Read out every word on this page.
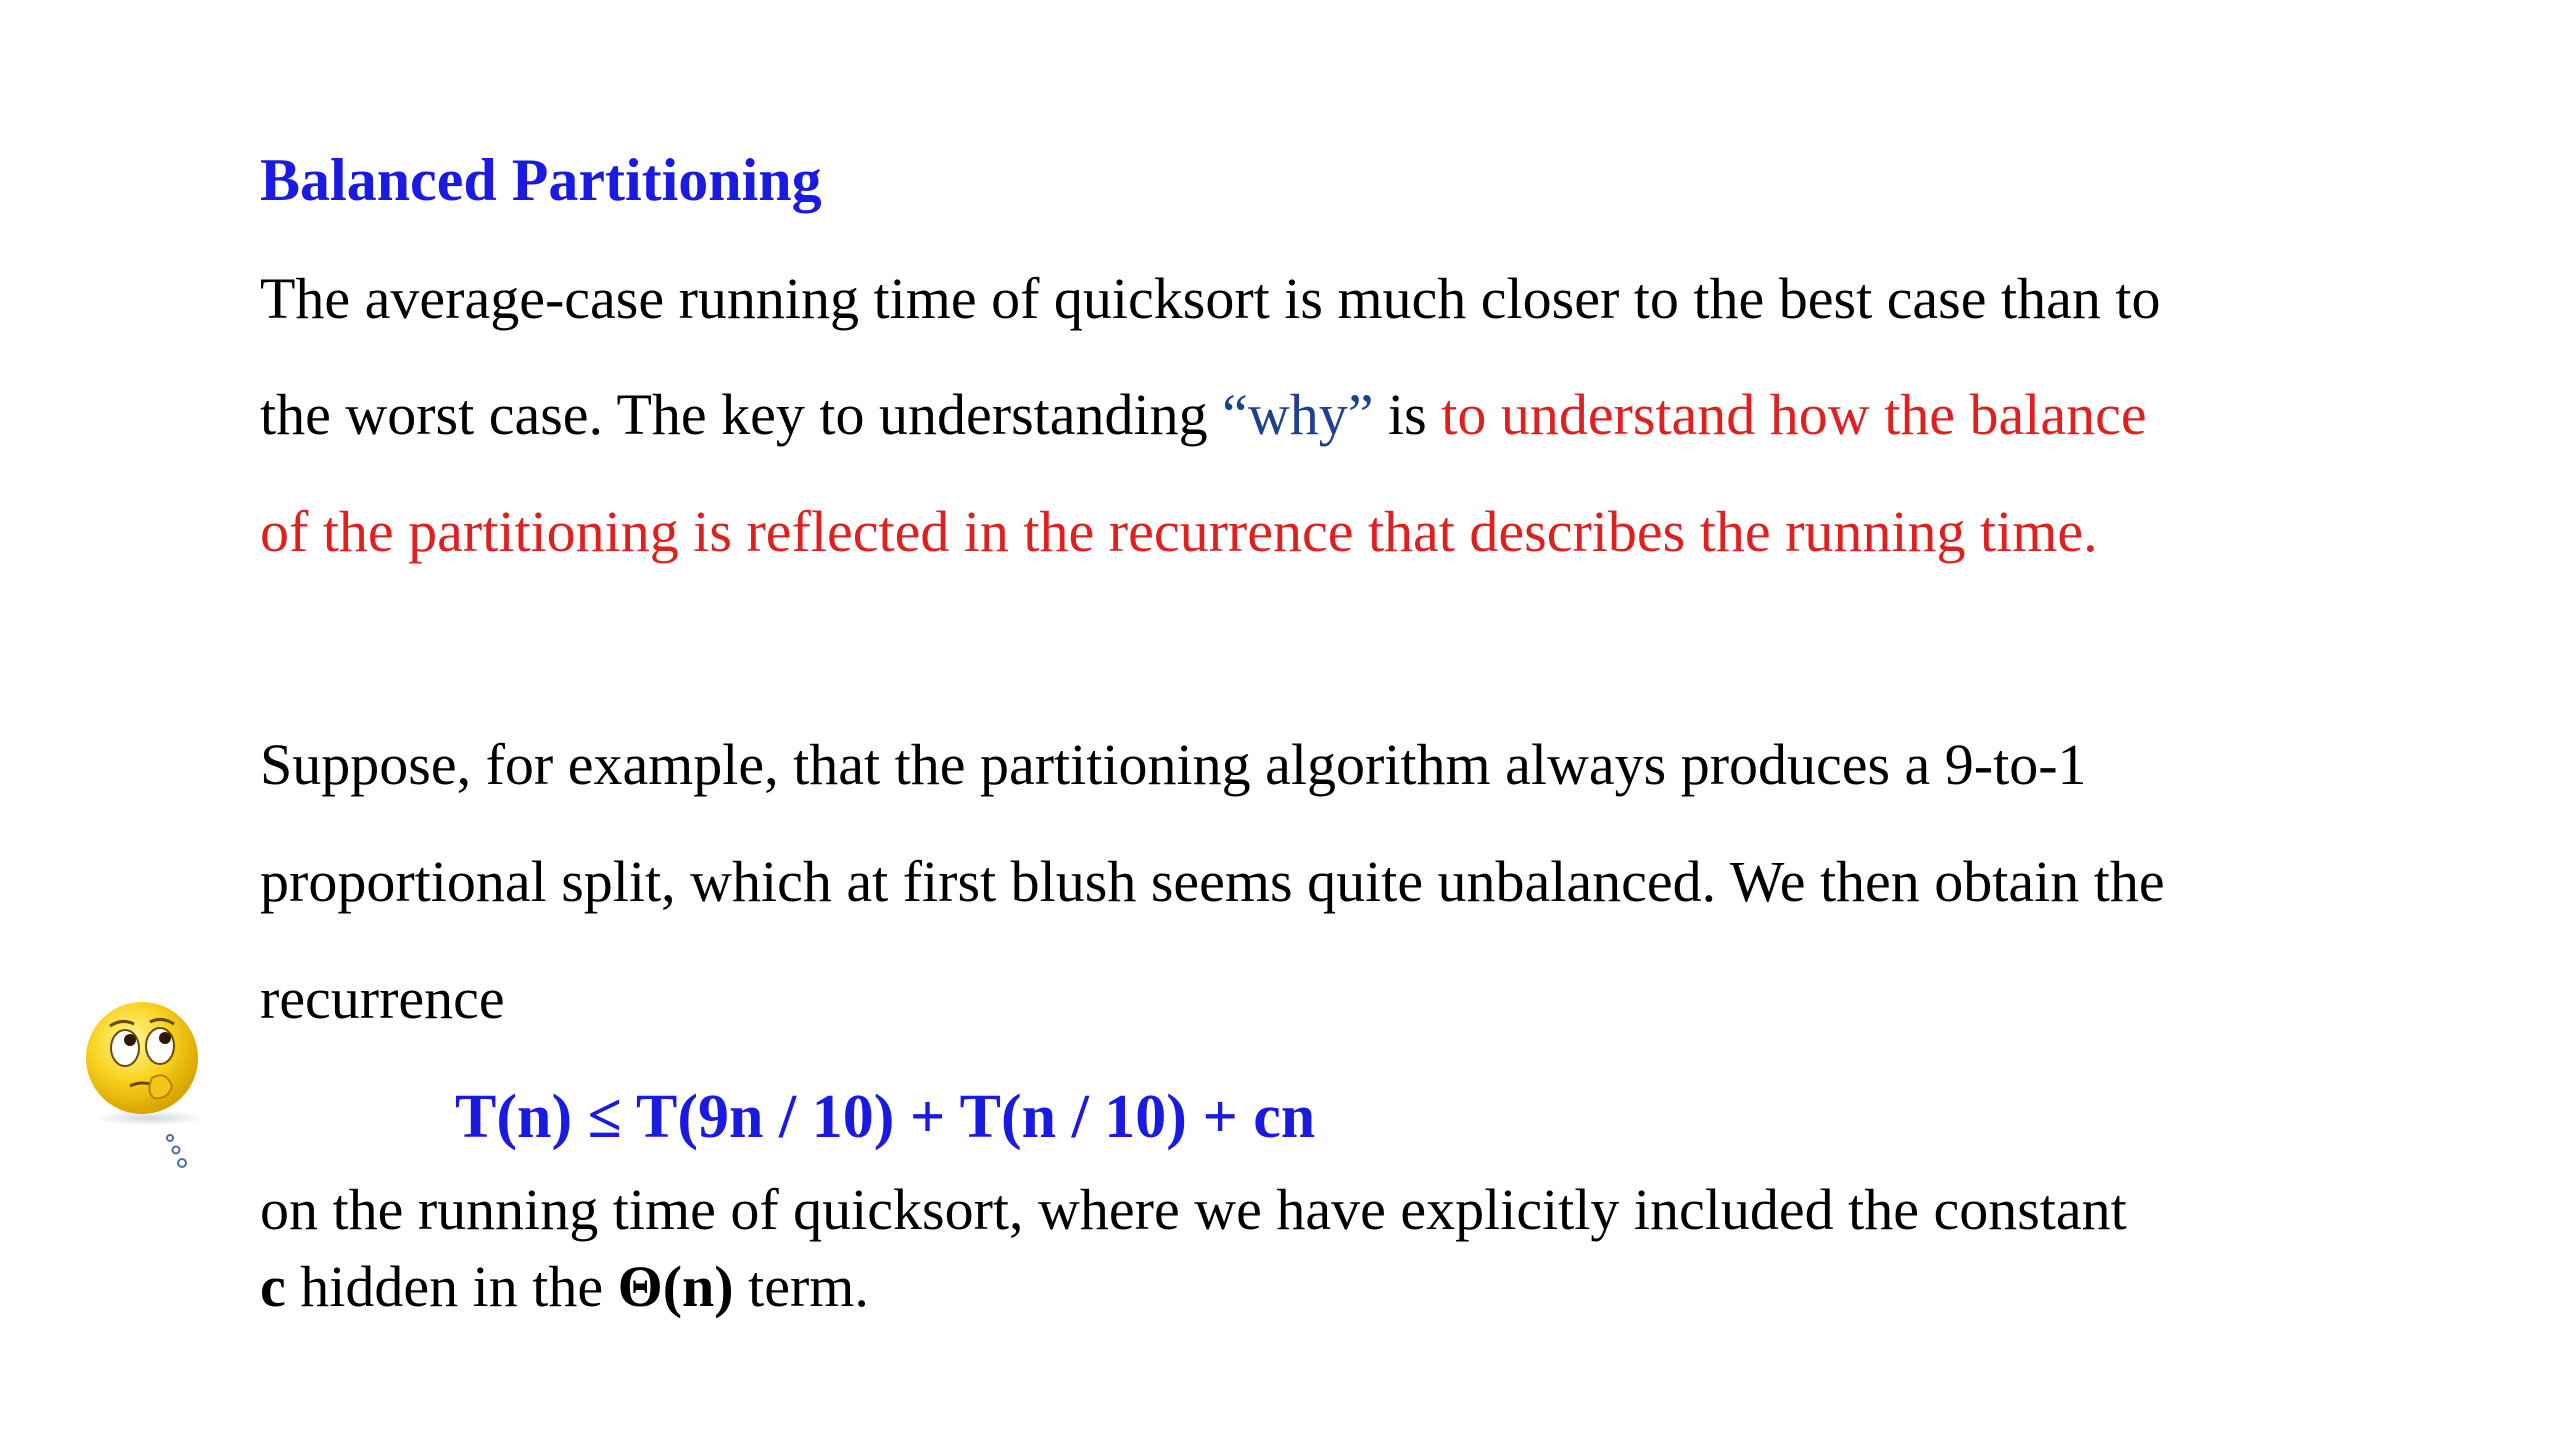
Balanced Partitioning
The average-case running time of quicksort is much closer to the best case than to
the worst case. The key to understanding “why” is to understand how the balance
of the partitioning is reflected in the recurrence that describes the running time.
Suppose, for example, that the partitioning algorithm always produces a 9-to-1
proportional split, which at first blush seems quite unbalanced. We then obtain the
recurrence
T(n) ≤ T(9n / 10) + T(n / 10) + cn
on the running time of quicksort, where we have explicitly included the constant
c hidden in the Θ(n) term.
